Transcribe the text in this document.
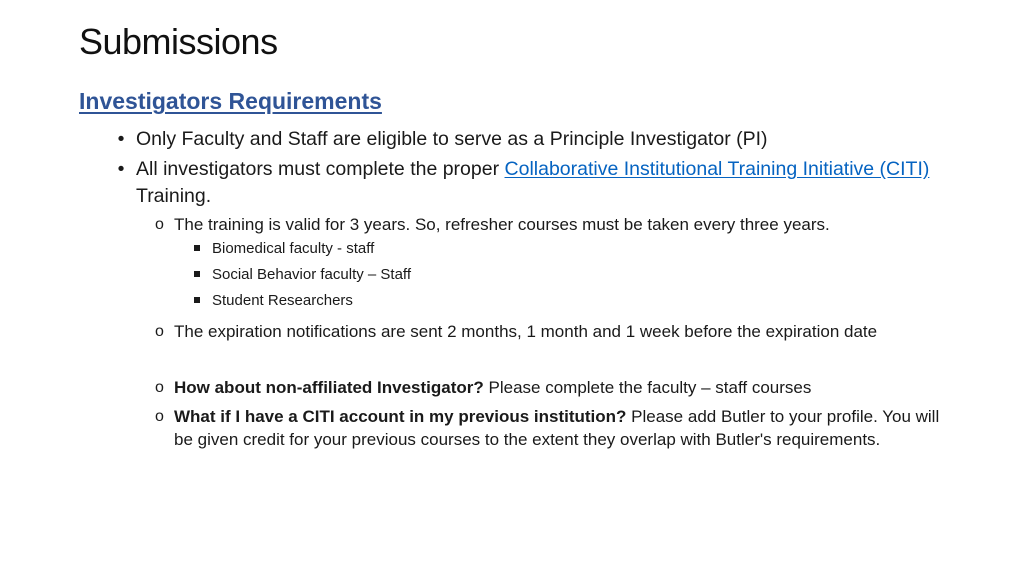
Submissions
Investigators Requirements
• Only Faculty and Staff are eligible to serve as a Principle Investigator (PI)
• All investigators must complete the proper Collaborative Institutional Training Initiative (CITI) Training.
o The training is valid for 3 years. So, refresher courses must be taken every three years.
Biomedical faculty - staff
Social Behavior faculty – Staff
Student Researchers
o The expiration notifications are sent 2 months, 1 month and 1 week before the expiration date
o How about non-affiliated Investigator? Please complete the faculty – staff courses
o What if I have a CITI account in my previous institution? Please add Butler to your profile. You will be given credit for your previous courses to the extent they overlap with Butler's requirements.
